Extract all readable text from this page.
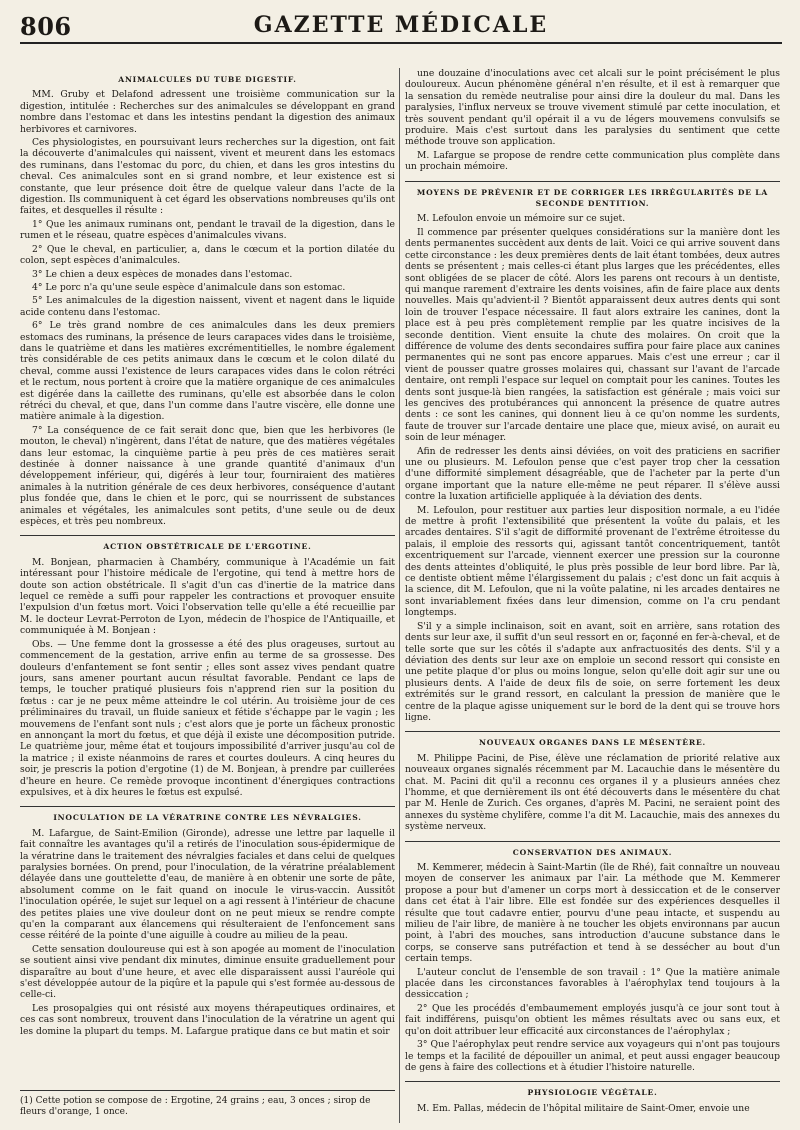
806	GAZETTE MÉDICALE
ANIMALCULES DU TUBE DIGESTIF.

MM. Gruby et Delafond adressent une troisième communication sur la digestion, intitulée : Recherches sur des animalcules se développant en grand nombre dans l'estomac et dans les intestins pendant la digestion des animaux herbivores et carnivores.

Ces physiologistes, en poursuivant leurs recherches sur la digestion, ont fait la découverte d'animalcules qui naissent, vivent et meurent dans les estomacs des ruminans, dans l'estomac du porc, du chien, et dans les gros intestins du cheval. Ces animalcules sont en si grand nombre, et leur existence est si constante, que leur présence doit être de quelque valeur dans l'acte de la digestion. Ils communiquent à cet égard les observations nombreuses qu'ils ont faites, et desquelles il résulte :

1° Que les animaux ruminans ont, pendant le travail de la digestion, dans le rumen et le réseau, quatre espèces d'animalcules vivans.

2° Que le cheval, en particulier, a, dans le cœcum et la portion dilatée du colon, sept espèces d'animalcules.

3° Le chien a deux espèces de monades dans l'estomac.

4° Le porc n'a qu'une seule espèce d'animalcule dans son estomac.

5° Les animalcules de la digestion naissent, vivent et nagent dans le liquide acide contenu dans l'estomac.

6° Le très grand nombre de ces animalcules dans les deux premiers estomacs des ruminans, la présence de leurs carapaces vides dans le troisième, dans le quatrième et dans les matières excrémentitielles, le nombre également très considérable de ces petits animaux dans le cœcum et le colon dilaté du cheval, comme aussi l'existence de leurs carapaces vides dans le colon rétréci et le rectum, nous portent à croire que la matière organique de ces animalcules est digérée dans la caillette des ruminans, qu'elle est absorbée dans le colon rétréci du cheval, et que, dans l'un comme dans l'autre viscère, elle donne une matière animale à la digestion.

7° La conséquence de ce fait serait donc que, bien que les herbivores (le mouton, le cheval) n'ingèrent, dans l'état de nature, que des matières végétales dans leur estomac, la cinquième partie à peu près de ces matières serait destinée à donner naissance à une grande quantité d'animaux d'un développement inférieur, qui, digérés à leur tour, fourniraient des matières animales à la nutrition générale de ces deux herbivores, conséquence d'autant plus fondée que, dans le chien et le porc, qui se nourrissent de substances animales et végétales, les animalcules sont petits, d'une seule ou de deux espèces, et très peu nombreux.

ACTION OBSTÉTRICALE DE L'ERGOTINE.

M. Bonjean, pharmacien à Chambéry, communique à l'Académie un fait intéressant pour l'histoire médicale de l'ergotine, qui tend à mettre hors de doute son action obstétricale. Il s'agit d'un cas d'inertie de la matrice dans lequel ce remède a suffi pour rappeler les contractions et provoquer ensuite l'expulsion d'un fœtus mort. Voici l'observation telle qu'elle a été recueillie par M. le docteur Levrat-Perroton de Lyon, médecin de l'hospice de l'Antiquaille, et communiquée à M. Bonjean :

Obs. — Une femme dont la grossesse a été des plus orageuses, surtout au commencement de la gestation, arrive enfin au terme de sa grossesse. Des douleurs d'enfantement se font sentir ; elles sont assez vives pendant quatre jours, sans amener pourtant aucun résultat favorable. Pendant ce laps de temps, le toucher pratiqué plusieurs fois n'apprend rien sur la position du fœtus : car je ne peux même atteindre le col utérin. Au troisième jour de ces préliminaires du travail, un fluide sanieux et fétide s'échappe par le vagin ; les mouvemens de l'enfant sont nuls ; c'est alors que je porte un fâcheux pronostic en annonçant la mort du fœtus, et que déjà il existe une décomposition putride. Le quatrième jour, même état et toujours impossibilité d'arriver jusqu'au col de la matrice ; il existe néanmoins de rares et courtes douleurs. A cinq heures du soir, je prescris la potion d'ergotine (1) de M. Bonjean, à prendre par cuillerées d'heure en heure. Ce remède provoque incontinent d'énergiques contractions expulsives, et à dix heures le fœtus est expulsé.

INOCULATION DE LA VÉRATRINE CONTRE LES NÉVRALGIES.

M. Lafargue, de Saint-Emilion (Gironde), adresse une lettre par laquelle il fait connaître les avantages qu'il a retirés de l'inoculation sous-épidermique de la vératrine dans le traitement des névralgies faciales et dans celui de quelques paralysies bornées. On prend, pour l'inoculation, de la vératrine préalablement délayée dans une gouttelette d'eau, de manière à en obtenir une sorte de pâte, absolument comme on le fait quand on inocule le virus-vaccin. Aussitôt l'inoculation opérée, le sujet sur lequel on a agi ressent à l'intérieur de chacune des petites plaies une vive douleur dont on ne peut mieux se rendre compte qu'en la comparant aux élancemens qui résulteraient de l'enfoncement sans cesse réitéré de la pointe d'une aiguille à coudre au milieu de la peau.

Cette sensation douloureuse qui est à son apogée au moment de l'inoculation se soutient ainsi vive pendant dix minutes, diminue ensuite graduellement pour disparaître au bout d'une heure, et avec elle disparaissent aussi l'auréole qui s'est développée autour de la piqûre et la papule qui s'est formée au-dessous de celle-ci.

Les prosopalgies qui ont résisté aux moyens thérapeutiques ordinaires, et ces cas sont nombreux, trouvent dans l'inoculation de la vératrine un agent qui les domine la plupart du temps. M. Lafargue pratique dans ce but matin et soir

une douzaine d'inoculations avec cet alcali sur le point précisément le plus douloureux. Aucun phénomène général n'en résulte, et il est à remarquer que la sensation du remède neutralise pour ainsi dire la douleur du mal. Dans les paralysies, l'influx nerveux se trouve vivement stimulé par cette inoculation, et très souvent pendant qu'il opérait il a vu de légers mouvemens convulsifs se produire. Mais c'est surtout dans les paralysies du sentiment que cette méthode trouve son application.

M. Lafargue se propose de rendre cette communication plus complète dans un prochain mémoire.

MOYENS DE PRÉVENIR ET DE CORRIGER LES IRRÉGULARITÉS DE LA SECONDE DENTITION.

M. Lefoulon envoie un mémoire sur ce sujet.

Il commence par présenter quelques considérations sur la manière dont les dents permanentes succèdent aux dents de lait. Voici ce qui arrive souvent dans cette circonstance : les deux premières dents de lait étant tombées, deux autres dents se présentent ; mais celles-ci étant plus larges que les précédentes, elles sont obligées de se placer de côté. Alors les parens ont recours à un dentiste, qui manque rarement d'extraire les dents voisines, afin de faire place aux dents nouvelles. Mais qu'advient-il ? Bientôt apparaissent deux autres dents qui sont loin de trouver l'espace nécessaire. Il faut alors extraire les canines, dont la place est à peu près complètement remplie par les quatre incisives de la seconde dentition. Vient ensuite la chute des molaires. On croit que la différence de volume des dents secondaires suffira pour faire place aux canines permanentes qui ne sont pas encore apparues. Mais c'est une erreur ; car il vient de pousser quatre grosses molaires qui, chassant sur l'avant de l'arcade dentaire, ont rempli l'espace sur lequel on comptait pour les canines. Toutes les dents sont jusque-là bien rangées, la satisfaction est générale ; mais voici sur les gencives des protubérances qui annoncent la présence de quatre autres dents : ce sont les canines, qui donnent lieu à ce qu'on nomme les surdents, faute de trouver sur l'arcade dentaire une place que, mieux avisé, on aurait eu soin de leur ménager.

Afin de redresser les dents ainsi déviées, on voit des praticiens en sacrifier une ou plusieurs. M. Lefoulon pense que c'est payer trop cher la cessation d'une difformité simplement désagréable, que de l'acheter par la perte d'un organe important que la nature elle-même ne peut réparer. Il s'élève aussi contre la luxation artificielle appliquée à la déviation des dents.

M. Lefoulon, pour restituer aux parties leur disposition normale, a eu l'idée de mettre à profit l'extensibilité que présentent la voûte du palais, et les arcades dentaires. S'il s'agit de difformité provenant de l'extrême étroitesse du palais, il emploie des ressorts qui, agissant tantôt concentriquement, tantôt excentriquement sur l'arcade, viennent exercer une pression sur la couronne des dents atteintes d'obliquité, le plus près possible de leur bord libre. Par là, ce dentiste obtient même l'élargissement du palais ; c'est donc un fait acquis à la science, dit M. Lefoulon, que ni la voûte palatine, ni les arcades dentaires ne sont invariablement fixées dans leur dimension, comme on l'a cru pendant longtemps.

S'il y a simple inclinaison, soit en avant, soit en arrière, sans rotation des dents sur leur axe, il suffit d'un seul ressort en or, façonné en fer-à-cheval, et de telle sorte que sur les côtés il s'adapte aux anfractuosités des dents. S'il y a déviation des dents sur leur axe on emploie un second ressort qui consiste en une petite plaque d'or plus ou moins longue, selon qu'elle doit agir sur une ou plusieurs dents. A l'aide de deux fils de soie, on serre fortement les deux extrémités sur le grand ressort, en calculant la pression de manière que le centre de la plaque agisse uniquement sur le bord de la dent qui se trouve hors ligne.

NOUVEAUX ORGANES DANS LE MÉSENTÈRE.

M. Philippe Pacini, de Pise, élève une réclamation de priorité relative aux nouveaux organes signalés récemment par M. Lacauchie dans le mésentère du chat. M. Pacini dit qu'il a reconnu ces organes il y a plusieurs années chez l'homme, et que dernièrement ils ont été découverts dans le mésentère du chat par M. Henle de Zurich. Ces organes, d'après M. Pacini, ne seraient point des annexes du système chylifère, comme l'a dit M. Lacauchie, mais des annexes du système nerveux.

CONSERVATION DES ANIMAUX.

M. Kemmerer, médecin à Saint-Martin (île de Rhé), fait connaître un nouveau moyen de conserver les animaux par l'air. La méthode que M. Kemmerer propose a pour but d'amener un corps mort à dessiccation et de le conserver dans cet état à l'air libre. Elle est fondée sur des expériences desquelles il résulte que tout cadavre entier, pourvu d'une peau intacte, et suspendu au milieu de l'air libre, de manière à ne toucher les objets environnans par aucun point, à l'abri des mouches, sans introduction d'aucune substance dans le corps, se conserve sans putréfaction et tend à se dessécher au bout d'un certain temps.

L'auteur conclut de l'ensemble de son travail : 1° Que la matière animale placée dans les circonstances favorables à l'aérophylax tend toujours à la dessiccation ;

2° Que les procédés d'embaumement employés jusqu'à ce jour sont tout à fait indifférens, puisqu'on obtient les mêmes résultats avec ou sans eux, et qu'on doit attribuer leur efficacité aux circonstances de l'aérophylax ;

3° Que l'aérophylax peut rendre service aux voyageurs qui n'ont pas toujours le temps et la facilité de dépouiller un animal, et peut aussi engager beaucoup de gens à faire des collections et à étudier l'histoire naturelle.

PHYSIOLOGIE VÉGÉTALE.

M. Em. Pallas, médecin de l'hôpital militaire de Saint-Omer, envoie une

(1) Cette potion se compose de : Ergotine, 24 grains ; eau, 3 onces ; sirop de fleurs d'orange, 1 once.
